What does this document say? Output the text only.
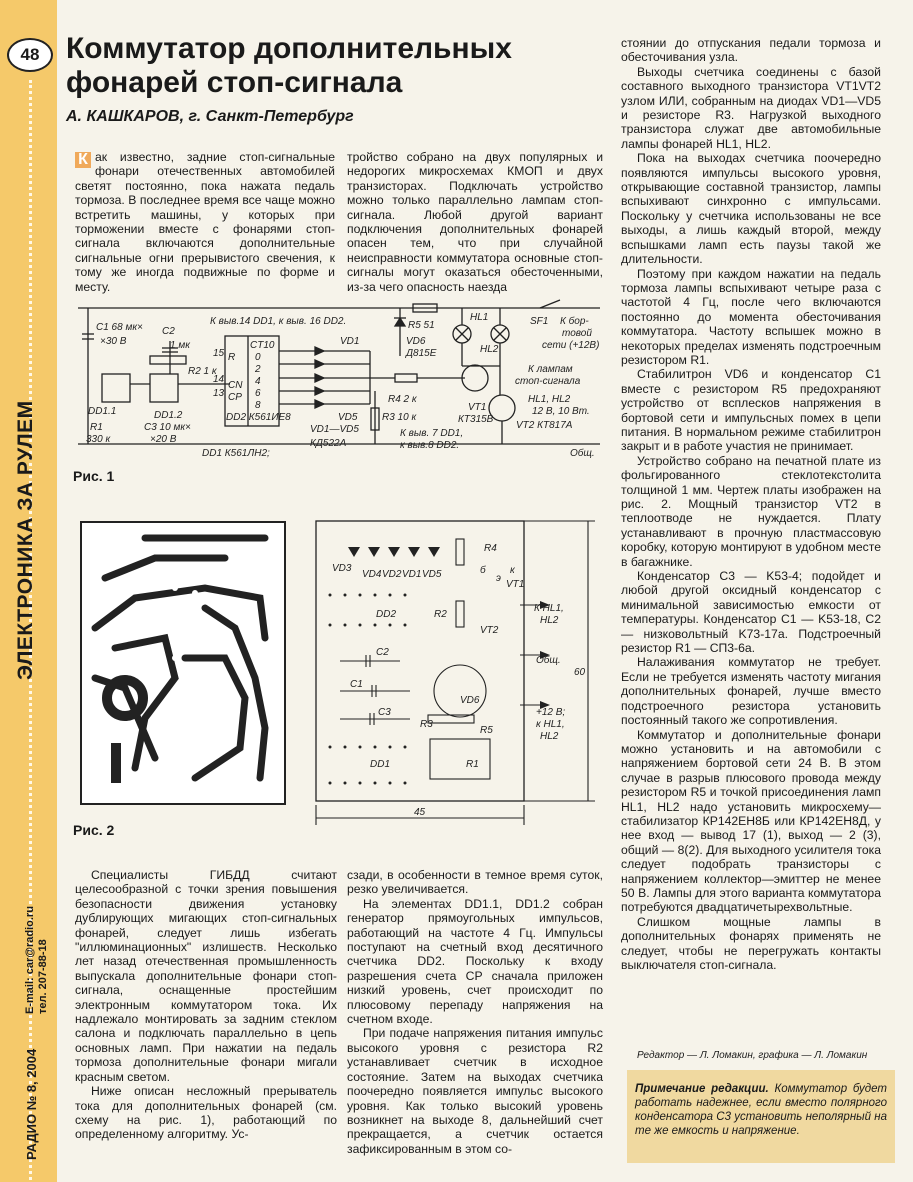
48
ЭЛЕКТРОНИКА ЗА РУЛЕМ
E-mail: car@radio.ru тел. 207-88-18
РАДИО № 8, 2004
Коммутатор дополнительных
фонарей стоп-сигнала
А. КАШКАРОВ, г. Санкт-Петербург

К ак известно, задние стоп-сигнальные фонари отечественных автомобилей светят постоянно, пока нажата педаль тормоза. В последнее время все чаще можно встретить машины, у которых при торможении вместе с фонарями стоп-сигнала включаются дополнительные сигнальные огни прерывистого свечения, к тому же иногда подвижные по форме и месту.

тройство собрано на двух популярных и недорогих микросхемах КМОП и двух транзисторах. Подключать устройство можно только параллельно лампам стоп-сигнала. Любой другой вариант подключения дополнительных фонарей опасен тем, что при случайной неисправности коммутатора основные стоп-сигналы могут оказаться обесточенными, из-за чего опасность наезда

стоянии до отпускания педали тормоза и обесточивания узла.

Выходы счетчика соединены с базой составного выходного транзистора VT1VT2 узлом ИЛИ, собранным на диодах VD1—VD5 и резисторе R3. Нагрузкой выходного транзистора служат две автомобильные лампы фонарей HL1, HL2.

Пока на выходах счетчика поочередно появляются импульсы высокого уровня, открывающие составной транзистор, лампы вспыхивают синхронно с импульсами. Поскольку у счетчика использованы не все выходы, а лишь каждый второй, между вспышками ламп есть паузы такой же длительности.

Поэтому при каждом нажатии на педаль тормоза лампы вспыхивают четыре раза с частотой 4 Гц, после чего включаются постоянно до момента обесточивания коммутатора. Частоту вспышек можно в некоторых пределах изменять подстроечным резистором R1.

Стабилитрон VD6 и конденсатор C1 вместе с резистором R5 предохраняют устройство от всплесков напряжения в бортовой сети и импульсных помех в цепи питания. В нормальном режиме стабилитрон закрыт и в работе участия не принимает.

Устройство собрано на печатной плате из фольгированного стеклотекстолита толщиной 1 мм. Чертеж платы изображен на рис. 2. Мощный транзистор VT2 в теплоотводе не нуждается. Плату устанавливают в прочную пластмассовую коробку, которую монтируют в удобном месте в багажнике.

Конденсатор C3 — K53-4; подойдет и любой другой оксидный конденсатор с минимальной зависимостью емкости от температуры. Конденсатор C1 — K53-18, C2 — низковольтный K73-17а. Подстроечный резистор R1 — СП3-6а.

Налаживания коммутатор не требует. Если не требуется изменять частоту мигания дополнительных фонарей, лучше вместо подстроечного резистора установить постоянный такого же сопротивления.

Коммутатор и дополнительные фонари можно установить и на автомобили с напряжением бортовой сети 24 В. В этом случае в разрыв плюсового провода между резистором R5 и точкой присоединения ламп HL1, HL2 надо установить микросхему—стабилизатор КР142ЕН8Б или КР142ЕН8Д, у нее вход — вывод 17 (1), выход — 2 (3), общий — 8(2). Для выходного усилителя тока следует подобрать транзисторы с напряжением коллектор—эмиттер не менее 50 В. Лампы для этого варианта коммутатора потребуются двадцатичетырехвольтные.

Слишком мощные лампы в дополнительных фонарях применять не следует, чтобы не перегружать контакты выключателя стоп-сигнала.

Специалисты ГИБДД считают целесообразной с точки зрения повышения безопасности движения установку дублирующих мигающих стоп-сигнальных фонарей, следует лишь избегать "иллюминационных" излишеств. Несколько лет назад отечественная промышленность выпускала дополнительные фонари стоп-сигнала, оснащенные простейшим электронным коммутатором тока. Их надлежало монтировать за задним стеклом салона и подключать параллельно в цепь основных ламп. При нажатии на педаль тормоза дополнительные фонари мигали красным светом.

Ниже описан несложный прерыватель тока для дополнительных фонарей (см. схему на рис. 1), работающий по определенному алгоритму. Ус-

сзади, в особенности в темное время суток, резко увеличивается.

На элементах DD1.1, DD1.2 собран генератор прямоугольных импульсов, работающий на частоте 4 Гц. Импульсы поступают на счетный вход десятичного счетчика DD2. Поскольку к входу разрешения счета CP сначала приложен низкий уровень, счет происходит по плюсовому перепаду напряжения на счетном входе.

При подаче напряжения питания импульс высокого уровня с резистора R2 устанавливает счетчик в исходное состояние. Затем на выходах счетчика поочередно появляется импульс высокого уровня. Как только высокий уровень возникнет на выходе 8, дальнейший счет прекращается, а счетчик остается зафиксированным в этом со-

C1 68 мк×
×30 В
C2
1 мк
К выв.14 DD1, к выв. 16 DD2.	R5 51
VD6
Д815Е
HL1
HL2
SF1 К бор-
товой
сети (+12В)
К лампам
стоп-сигнала
R2 1 к
CT10
R
CN
CP
15
14
13
0
2
4
6
8
VD1
VD5
DD1.1	DD1.2
C3 10 мк×
×20 В
R1
330 к
DD2 К561ИЕ8
DD1 К561ЛН2;
VD1—VD5
КД522А
R4 2 к
R3 10 к
VT1
КТ315В
VT2 КТ817А
HL1, HL2
12 В, 10 Вт.
К выв. 7 DD1,
к выв.8 DD2.
Общ.
Рис. 1
Рис. 2
VD3
VD4 VD2 VD1 VD5
R4
VT1
VT2
б к
э
DD2	R2
C2
C1
C3
VD6
R3
R5
DD1	R1
К HL1,
HL2
Общ.
+12 В;
к HL1,
HL2
60
45
Редактор — Л. Ломакин, графика — Л. Ломакин
Примечание редакции. Коммутатор будет работать надежнее, если вместо полярного конденсатора С3 установить неполярный на те же емкость и напряжение.
